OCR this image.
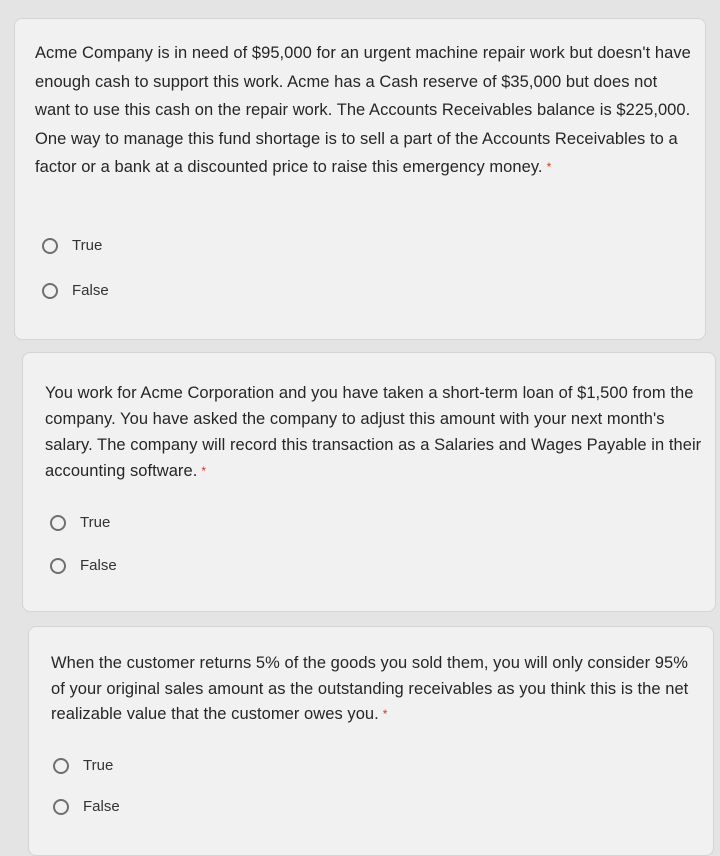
Acme Company is in need of $95,000 for an urgent machine repair work but doesn't have enough cash to support this work. Acme has a Cash reserve of $35,000 but does not want to use this cash on the repair work. The Accounts Receivables balance is $225,000. One way to manage this fund shortage is to sell a part of the Accounts Receivables to a factor or a bank at a discounted price to raise this emergency money. *

True
False

You work for Acme Corporation and you have taken a short-term loan of $1,500 from the company. You have asked the company to adjust this amount with your next month's salary. The company will record this transaction as a Salaries and Wages Payable in their accounting software. *

True
False

When the customer returns 5% of the goods you sold them, you will only consider 95% of your original sales amount as the outstanding receivables as you think this is the net realizable value that the customer owes you. *

True
False
